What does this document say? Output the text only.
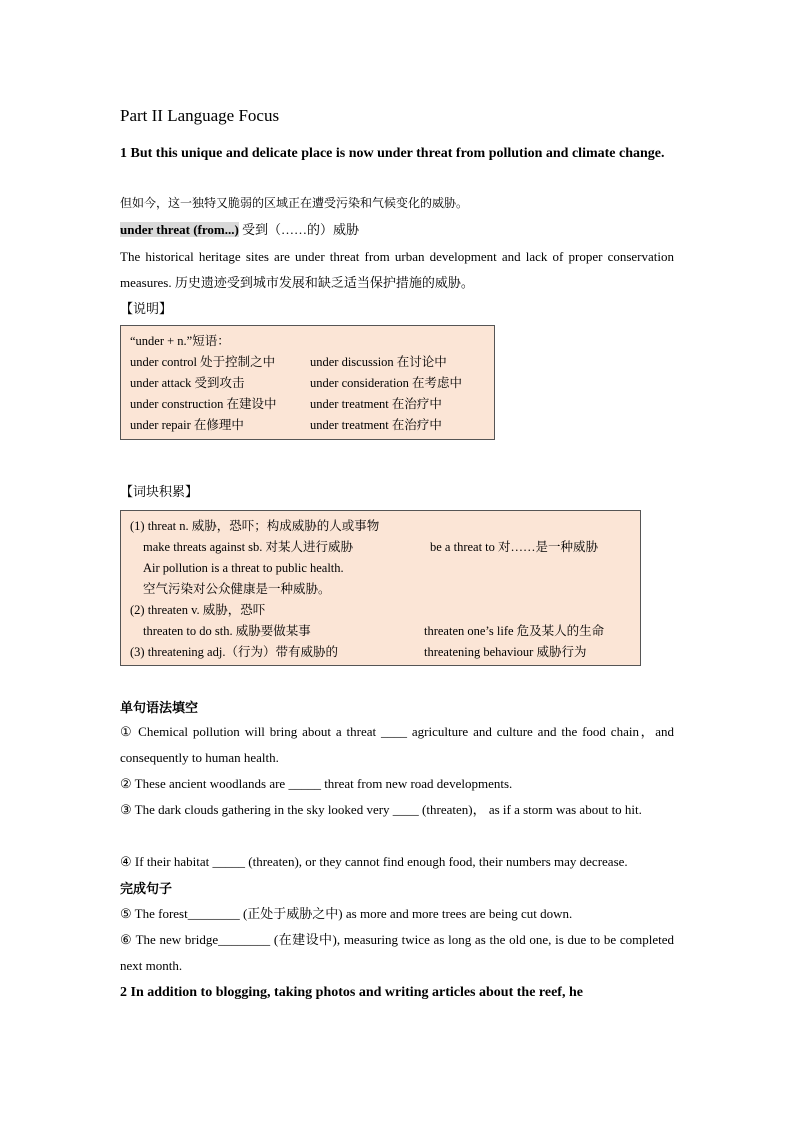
Part II Language Focus
1 But this unique and delicate place is now under threat from pollution and climate change.
但如今，这一独特又脆弱的区域正在遭受污染和气候变化的威胁。
under threat (from...) 受到（……的）威胁
The historical heritage sites are under threat from urban development and lack of proper conservation measures. 历史遗迹受到城市发展和缺乏适当保护措施的威胁。
【说明】
“under + n.”短语：
under control 处于控制之中	under discussion 在讨论中
under attack 受到攻击	under consideration 在考虑中
under construction 在建设中	under treatment 在治疗中
under repair 在修理中	under treatment 在治疗中
【词块积累】
(1) threat n. 威胁，恐吓；构成威胁的人或事物
make threats against sb. 对某人进行威胁	be a threat to 对……是一种威胁
Air pollution is a threat to public health.
空气污染对公众健康是一种威胁。
(2) threaten v. 威胁，恐吓
threaten to do sth. 威胁要做某事	threaten one’s life 危及某人的生命
(3) threatening adj.（行为）带有威胁的	threatening behaviour 威胁行为
单句语法填空
① Chemical pollution will bring about a threat ____ agriculture and culture and the food chain，and consequently to human health.
② These ancient woodlands are _____ threat from new road developments.
③ The dark clouds gathering in the sky looked very ____ (threaten)， as if a storm was about to hit.
④ If their habitat _____ (threaten), or they cannot find enough food, their numbers may decrease.
完成句子
⑤ The forest________ (正处于威胁之中) as more and more trees are being cut down.
⑥ The new bridge________ (在建设中), measuring twice as long as the old one, is due to be completed next month.
2 In addition to blogging, taking photos and writing articles about the reef, he
